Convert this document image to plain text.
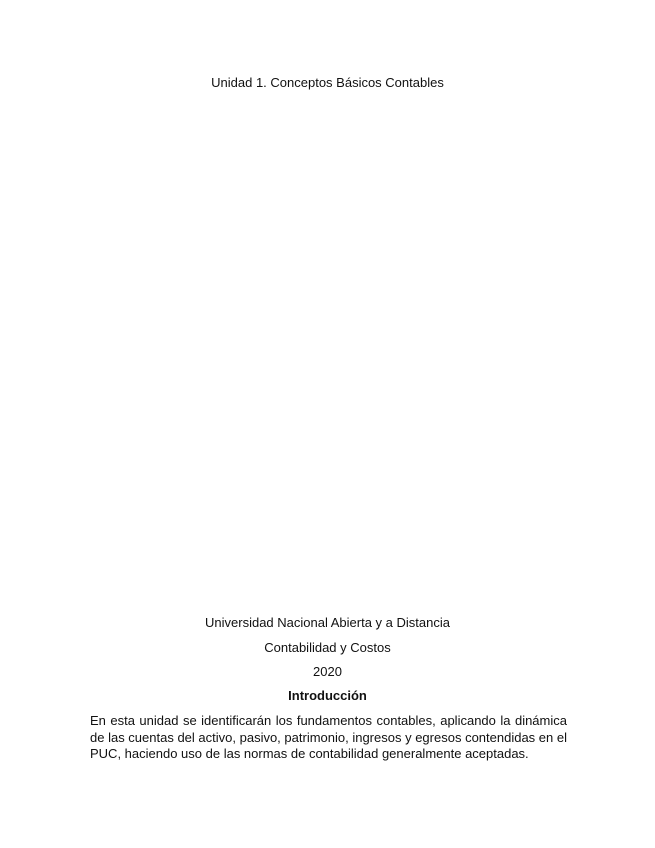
Unidad 1. Conceptos Básicos Contables
Universidad Nacional Abierta y a Distancia
Contabilidad y Costos
2020
Introducción
En esta unidad se identificarán los fundamentos contables, aplicando la dinámica de las cuentas del activo, pasivo, patrimonio, ingresos y egresos contendidas en el PUC, haciendo uso de las normas de contabilidad generalmente aceptadas.
